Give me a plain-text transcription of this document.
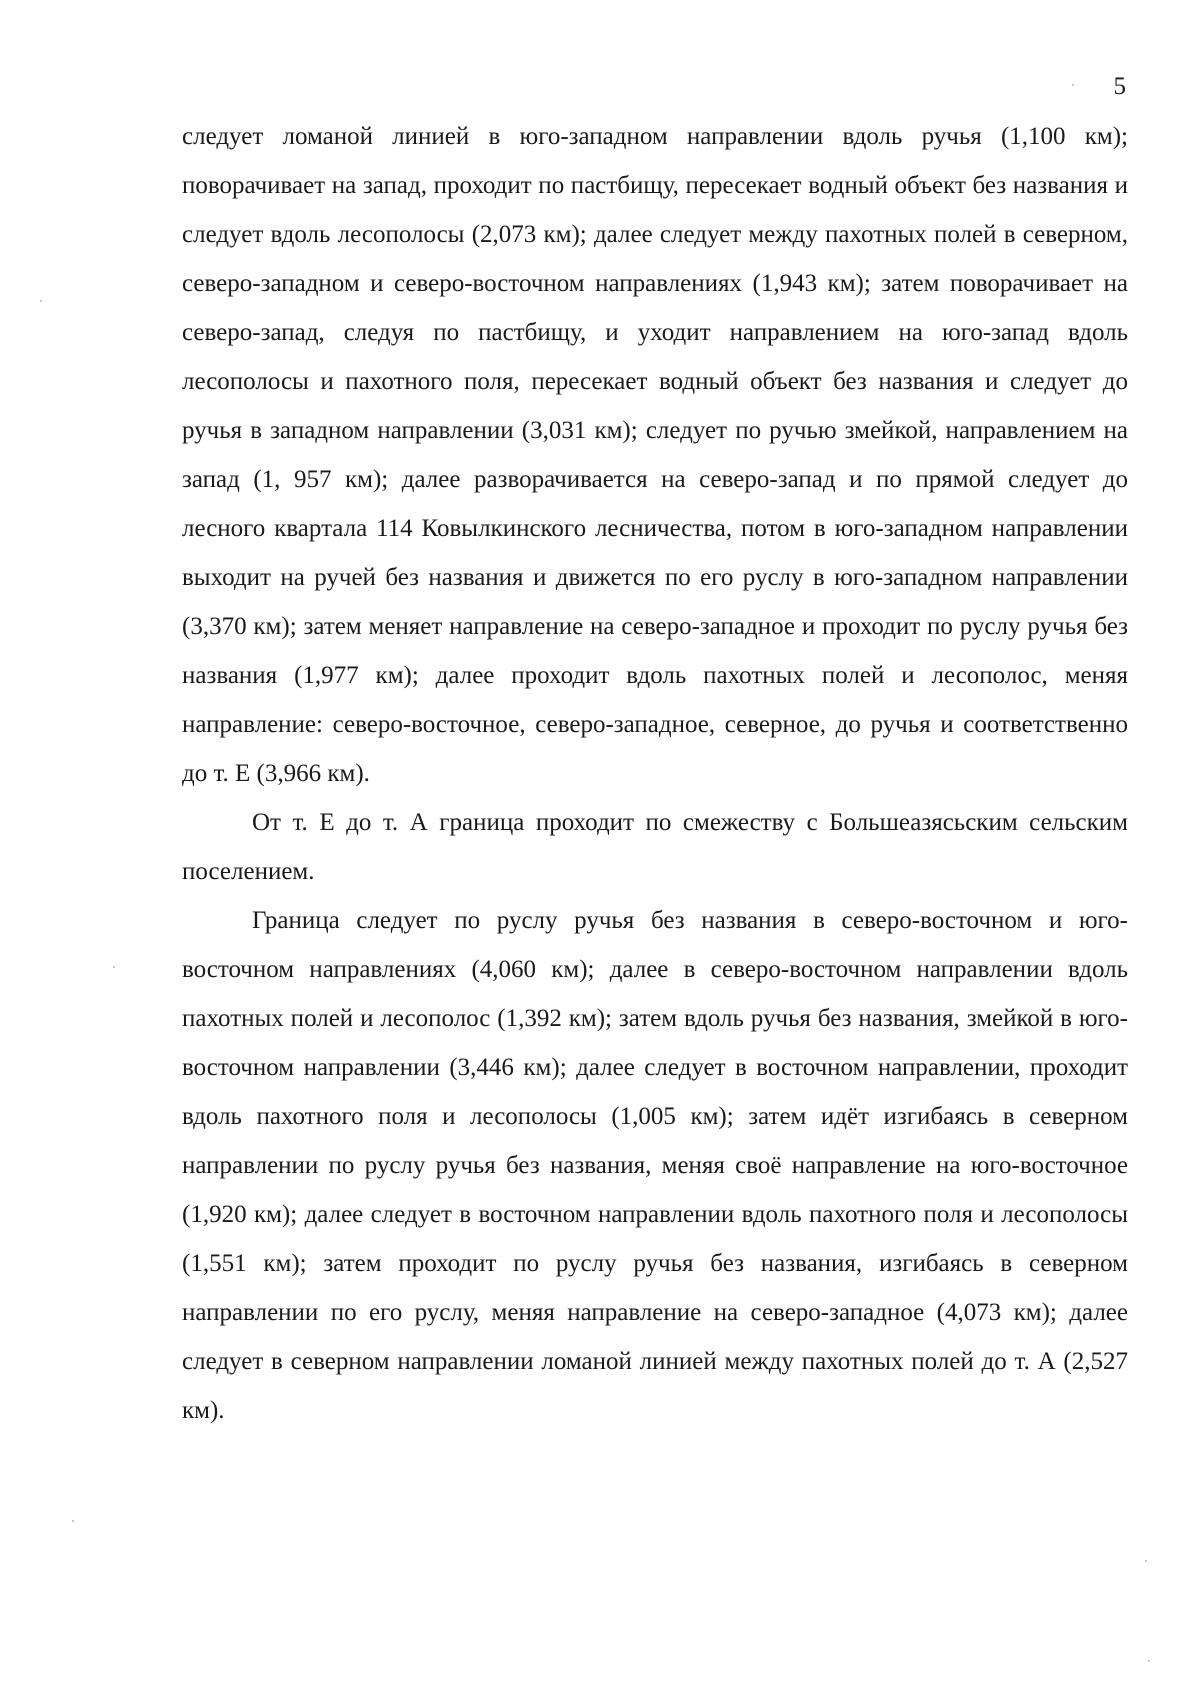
5

следует ломаной линией в юго-западном направлении вдоль ручья (1,100 км); поворачивает на запад, проходит по пастбищу, пересекает водный объект без названия и следует вдоль лесополосы (2,073 км); далее следует между пахотных полей в северном, северо-западном и северо-восточном направлениях (1,943 км); затем поворачивает на северо-запад, следуя по пастбищу, и уходит направлением на юго-запад вдоль лесополосы и пахотного поля, пересекает водный объект без названия и следует до ручья в западном направлении (3,031 км); следует по ручью змейкой, направлением на запад (1, 957 км); далее разворачивается на северо-запад и по прямой следует до лесного квартала 114 Ковылкинского лесничества, потом в юго-западном направлении выходит на ручей без названия и движется по его руслу в юго-западном направлении (3,370 км); затем меняет направление на северо-западное и проходит по руслу ручья без названия (1,977 км); далее проходит вдоль пахотных полей и лесополос, меняя направление: северо-восточное, северо-западное, северное, до ручья и соответственно до т. Е (3,966 км).

От т. Е до т. А граница проходит по смежеству с Большеазясьским сельским поселением.

Граница следует по руслу ручья без названия в северо-восточном и юго-восточном направлениях (4,060 км); далее в северо-восточном направлении вдоль пахотных полей и лесополос (1,392 км); затем вдоль ручья без названия, змейкой в юго-восточном направлении (3,446 км); далее следует в восточном направлении, проходит вдоль пахотного поля и лесополосы (1,005 км); затем идёт изгибаясь в северном направлении по руслу ручья без названия, меняя своё направление на юго-восточное (1,920 км); далее следует в восточном направлении вдоль пахотного поля и лесополосы (1,551 км); затем проходит по руслу ручья без названия, изгибаясь в северном направлении по его руслу, меняя направление на северо-западное (4,073 км); далее следует в северном направлении ломаной линией между пахотных полей до т. А (2,527 км).
